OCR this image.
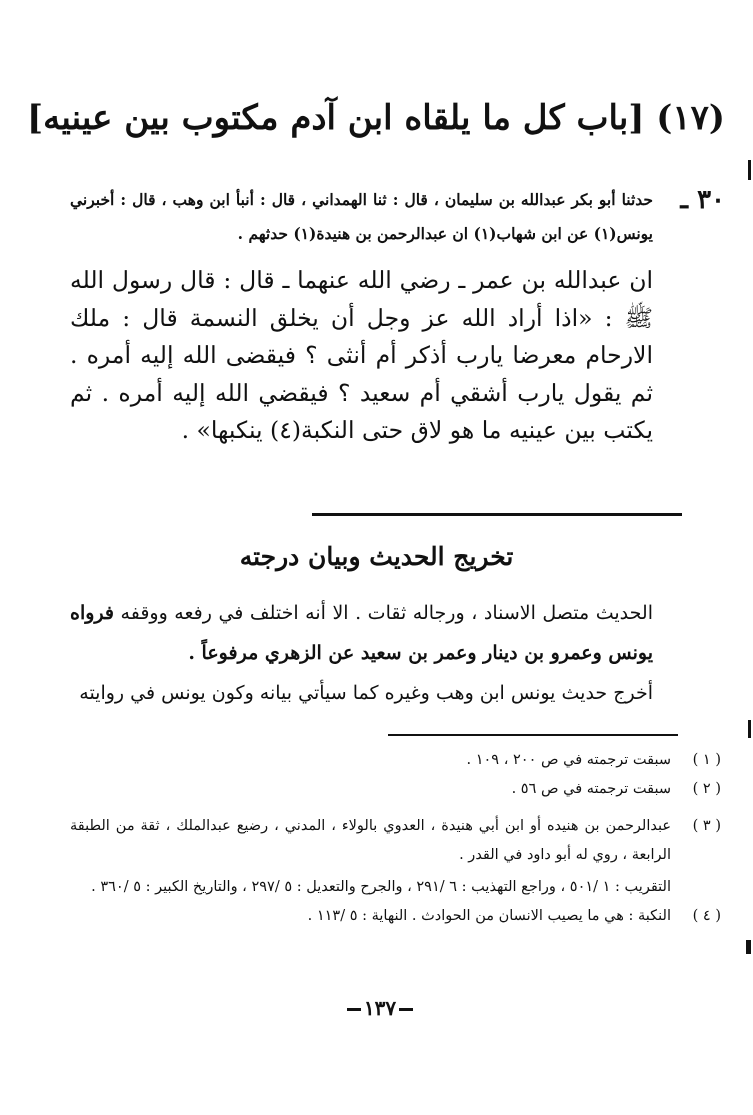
(١٧) [باب كل ما يلقاه ابن آدم مكتوب بين عينيه]
٣٠ ـ

حدثنا أبو بكر عبدالله بن سليمان ، قال : ثنا الهمداني ، قال : أنبأ ابن وهب ، قال : أخبرني يونس(١) عن ابن شهاب(١) ان عبدالرحمن بن هنيدة(١) حدثهم .

ان عبدالله بن عمر ـ رضي الله عنهما ـ قال : قال رسول الله ﷺ : «اذا أراد الله عز وجل أن يخلق النسمة قال : ملك الارحام معرضا يارب أذكر أم أنثى ؟ فيقضى الله إليه أمره . ثم يقول يارب أشقي أم سعيد ؟ فيقضي الله إليه أمره . ثم يكتب بين عينيه ما هو لاق حتى النكبة(٤) ينكبها» .

تخريج الحديث وبيان درجته
الحديث متصل الاسناد ، ورجاله ثقات . الا أنه اختلف في رفعه ووقفه فرواه يونس وعمرو بن دينار وعمر بن سعيد عن الزهري مرفوعاً .
أخرج حديث يونس ابن وهب وغيره كما سيأتي بيانه وكون يونس في روايته
( ١ )
سبقت ترجمته في ص ٢٠٠ ، ١٠٩ .
( ٢ )
سبقت ترجمته في ص ٥٦ .
( ٣ )
عبدالرحمن بن هنيده أو ابن أبي هنيدة ، العدوي بالولاء ، المدني ، رضيع عبدالملك ، ثقة من الطبقة الرابعة ، روي له أبو داود في القدر .
التقريب : ١ /٥٠١ ، وراجع التهذيب : ٦ /٢٩١ ، والجرح والتعديل : ٥ /٢٩٧ ، والتاريخ الكبير : ٥ /٣٦٠ .
( ٤ )
النكبة : هي ما يصيب الانسان من الحوادث . النهاية : ٥ /١١٣ .
١٣٧
